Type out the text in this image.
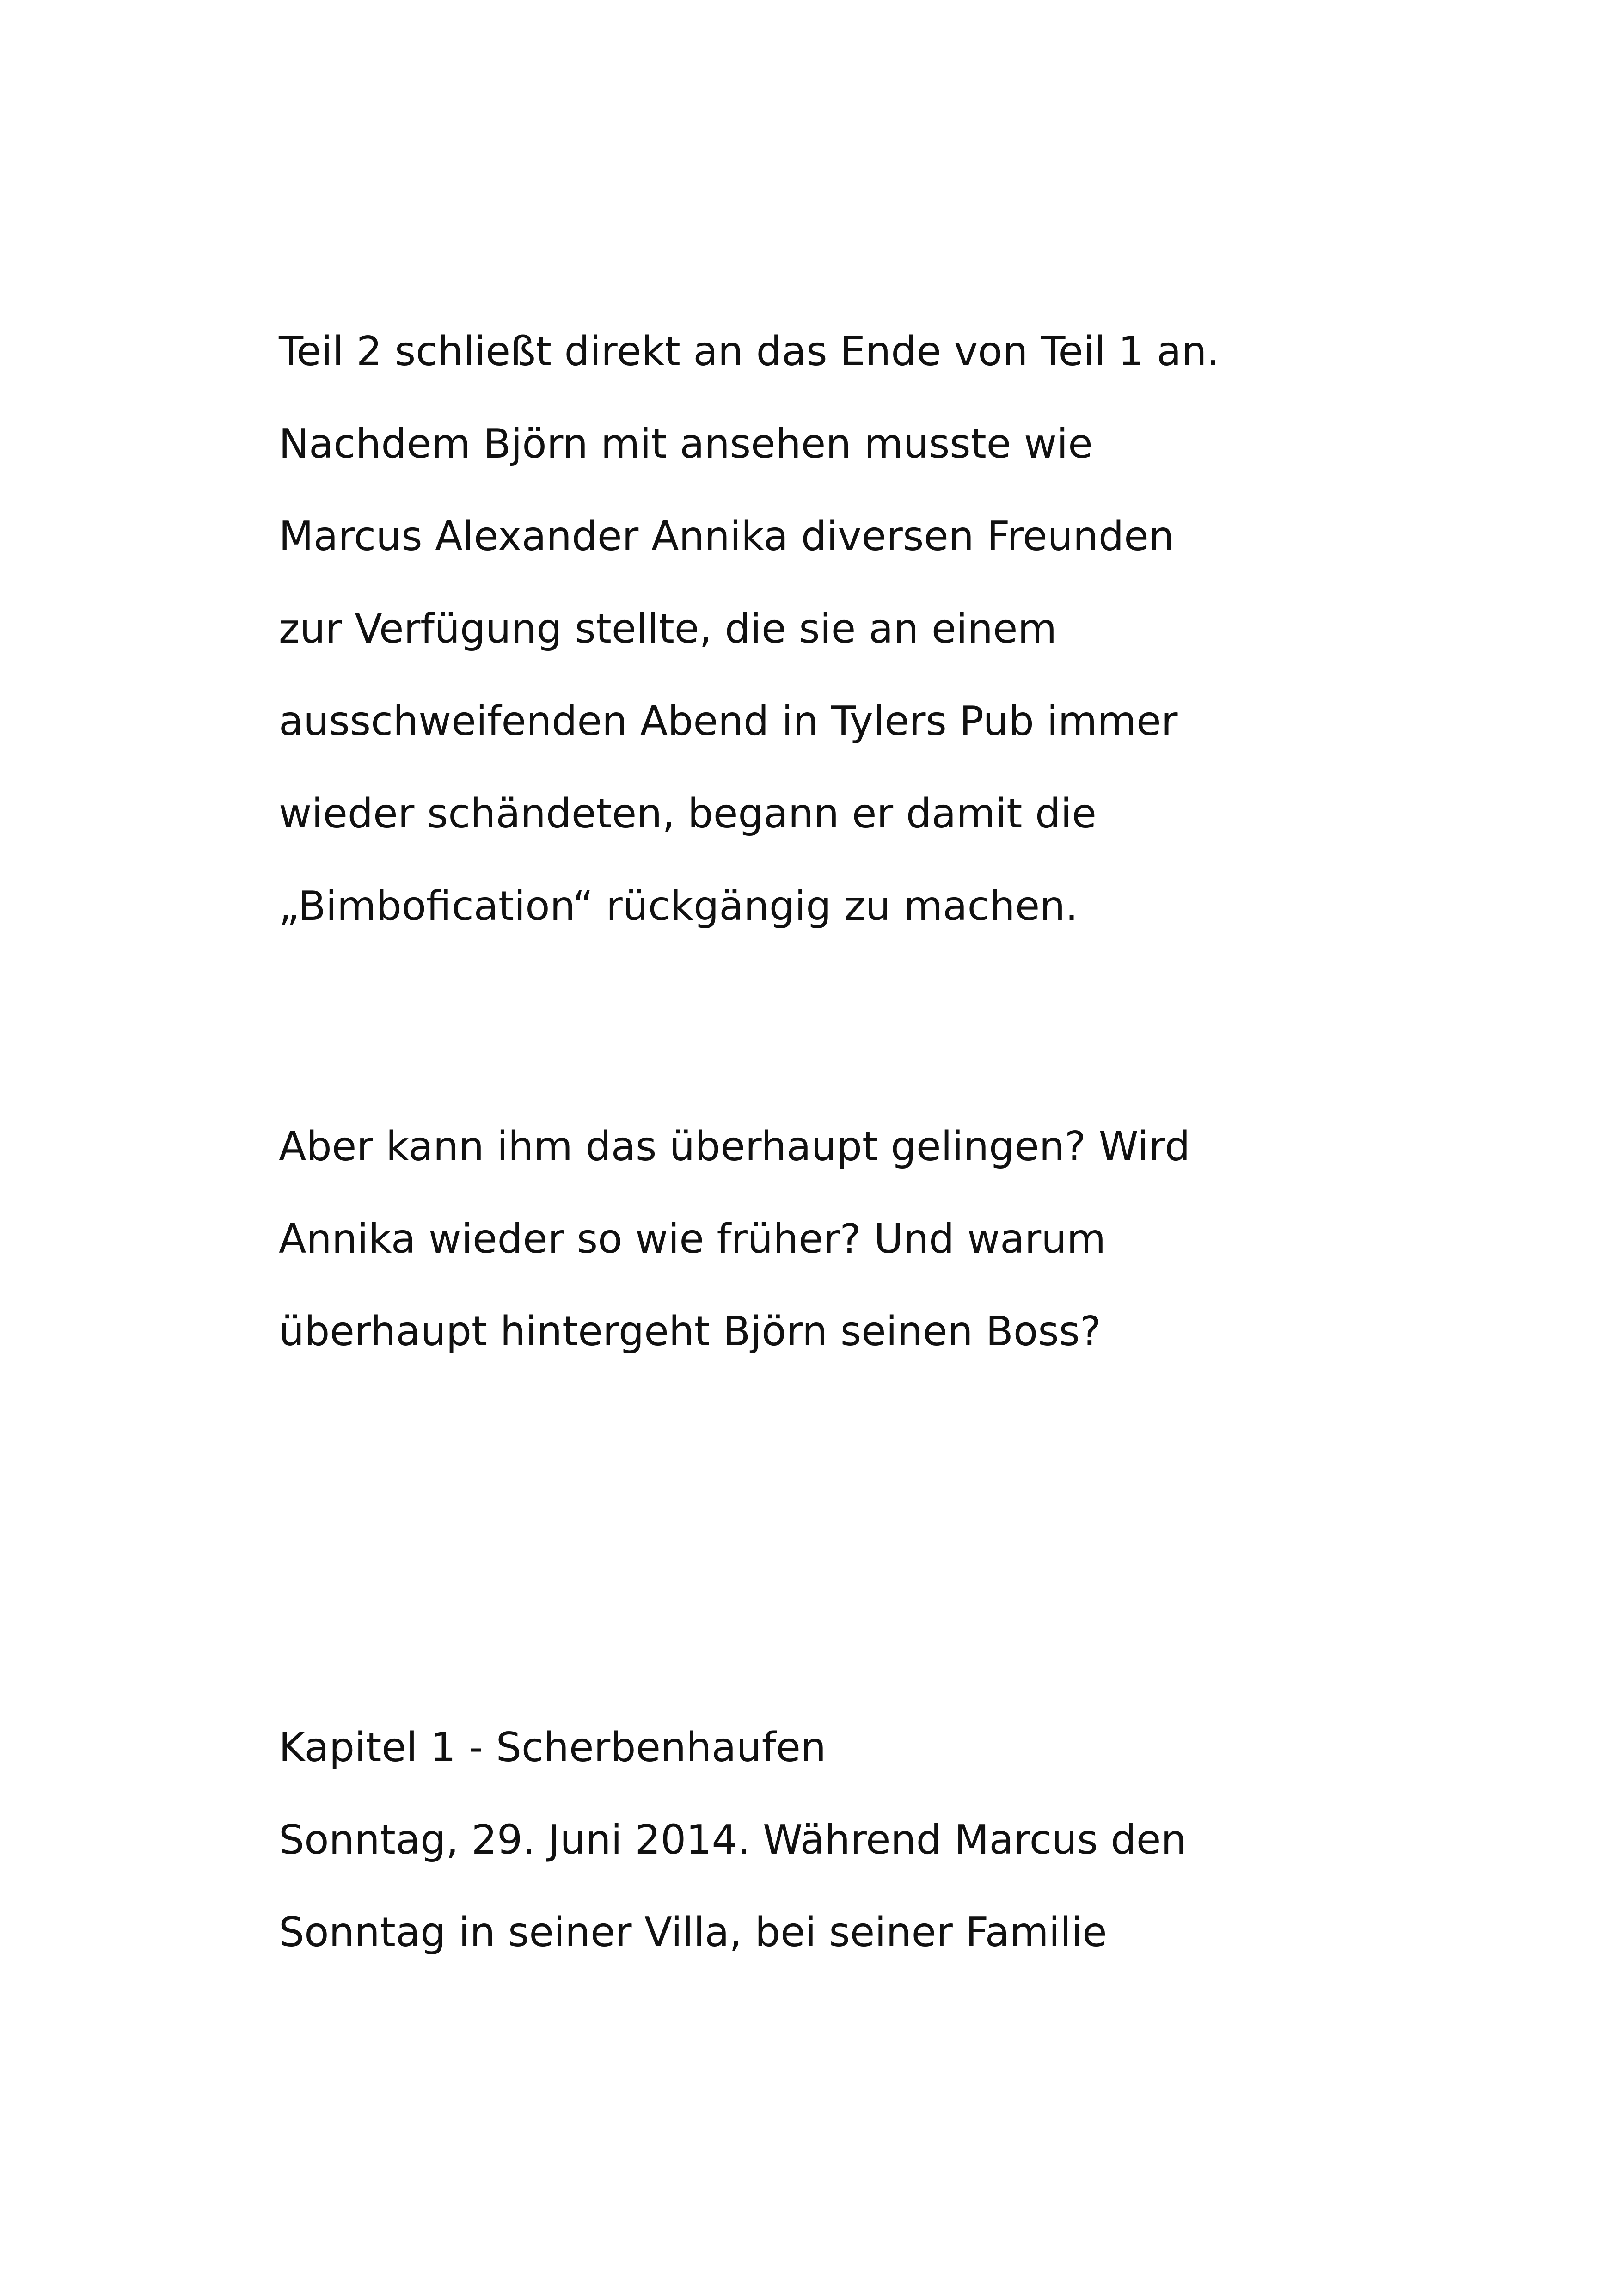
Teil 2 schließt direkt an das Ende von Teil 1 an.

Nachdem Björn mit ansehen musste wie

Marcus Alexander Annika diversen Freunden

zur Verfügung stellte, die sie an einem

ausschweifenden Abend in Tylers Pub immer

wieder schändeten, begann er damit die

„Bimbofication“ rückgängig zu machen.

Aber kann ihm das überhaupt gelingen? Wird

Annika wieder so wie früher? Und warum

überhaupt hintergeht Björn seinen Boss?

Kapitel 1 - Scherbenhaufen

Sonntag, 29. Juni 2014. Während Marcus den

Sonntag in seiner Villa, bei seiner Familie
